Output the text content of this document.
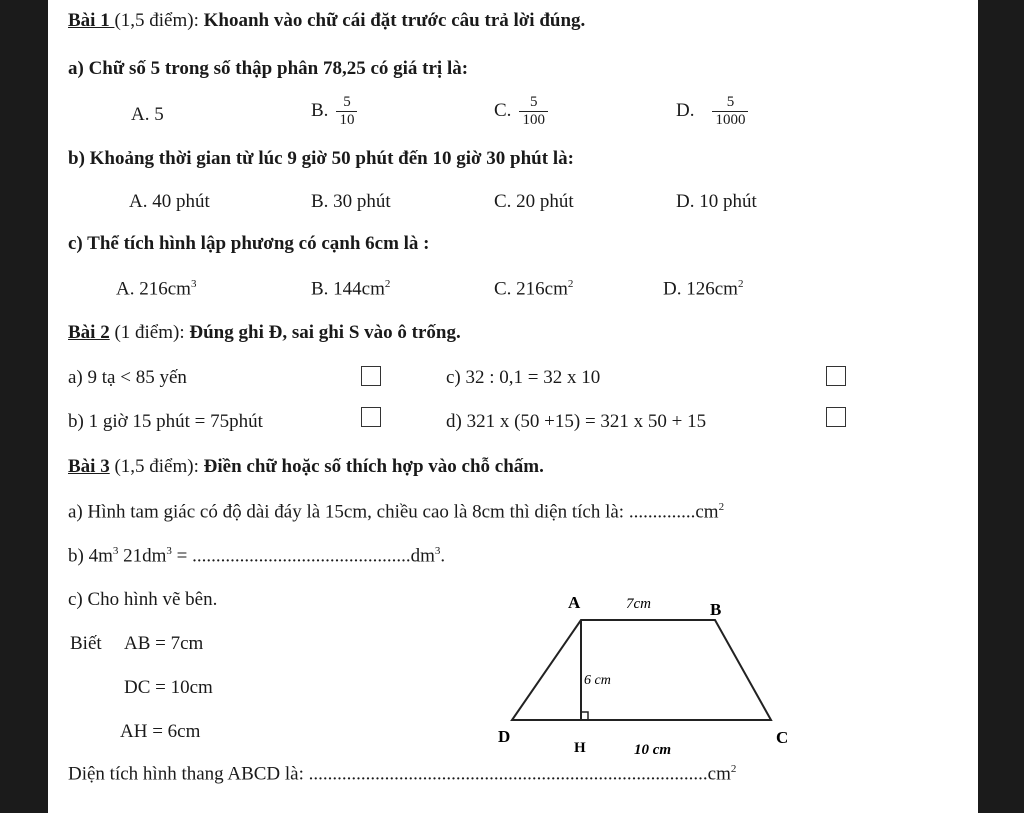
Bài 1 (1,5 điểm): Khoanh vào chữ cái đặt trước câu trả lời đúng.
a) Chữ số 5 trong số thập phân 78,25 có giá trị là:
A. 5	B. $\frac{5}{10}$	C. $\frac{5}{100}$	D. $\frac{5}{1000}$
b) Khoảng thời gian từ lúc 9 giờ 50 phút đến 10 giờ 30 phút là:
A. 40 phút	B. 30 phút	C. 20 phút	D. 10 phút
c) Thể tích hình lập phương có cạnh 6cm là :
A. $216cm^3$	B. $144cm^2$	C. $216cm^2$	D. $126cm^2$
Bài 2 (1 điểm): Đúng ghi Đ, sai ghi S vào ô trống.
a) 9 tạ < 85 yến	c) 32 : 0,1 = 32 x 10
b) 1 giờ 15 phút = 75phút	d) 321 x (50 +15) = 321 x 50 + 15
Bài 3 (1,5 điểm): Điền chữ hoặc số thích hợp vào chỗ chấm.
a) Hình tam giác có độ dài đáy là 15cm, chiều cao là 8cm thì diện tích là: $..............cm^2$
b) $4m^3$ $21dm^3 = ..............................................dm^3$.
c) Cho hình vẽ bên.
Biết AB = 7cm
DC = 10cm
AH = 6cm
Diện tích hình thang ABCD là: $....................................................................................cm^2$
A	B
C
D
H
7cm
6 cm
10 cm
